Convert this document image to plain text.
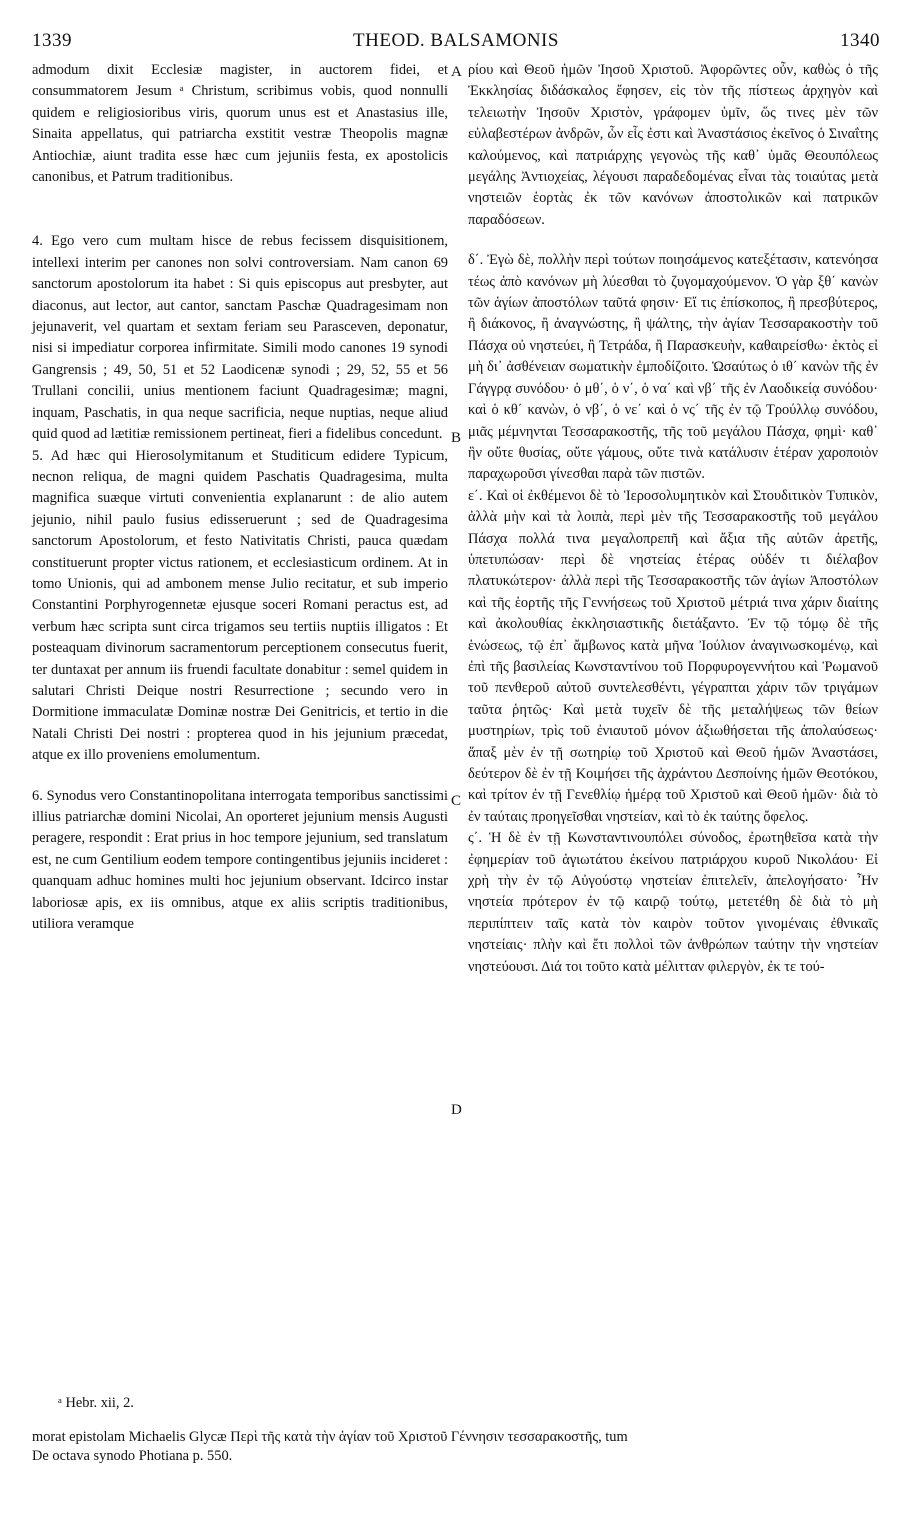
1339	THEOD. BALSAMONIS	1340

admodum dixit Ecclesiæ magister, in auctorem fidei, et consummatorem Jesum ᵃ Christum, scribimus vobis, quod nonnulli quidem e religiosioribus viris, quorum unus est et Anastasius ille, Sinaita appellatus, qui patriarcha exstitit vestræ Theopolis magnæ Antiochiæ, aiunt tradita esse hæc cum jejuniis festa, ex apostolicis canonibus, et Patrum traditionibus.

4. Ego vero cum multam hisce de rebus fecissem disquisitionem, intellexi interim per canones non solvi controversiam. Nam canon 69 sanctorum apostolorum ita habet : Si quis episcopus aut presbyter, aut diaconus, aut lector, aut cantor, sanctam Paschæ Quadragesimam non jejunaverit, vel quartam et sextam feriam seu Parasceven, deponatur, nisi si impediatur corporea infirmitate. Simili modo canones 19 synodi Gangrensis ; 49, 50, 51 et 52 Laodicenæ synodi ; 29, 52, 55 et 56 Trullani concilii, unius mentionem faciunt Quadragesimæ; magni, inquam, Paschatis, in qua neque sacrificia, neque nuptias, neque aliud quid quod ad lætitiæ remissionem pertineat, fieri a fidelibus concedunt.

5. Ad hæc qui Hierosolymitanum et Studiticum edidere Typicum, necnon reliqua, de magni quidem Paschatis Quadragesima, multa magnifica suæque virtuti convenientia explanarunt : de alio autem jejunio, nihil paulo fusius edisseruerunt ; sed de Quadragesima sanctorum Apostolorum, et festo Nativitatis Christi, pauca quædam constituerunt propter victus rationem, et ecclesiasticum ordinem. At in tomo Unionis, qui ad ambonem mense Julio recitatur, et sub imperio Constantini Porphyrogennetæ ejusque soceri Romani peractus est, ad verbum hæc scripta sunt circa trigamos seu tertiis nuptiis illigatos : Et posteaquam divinorum sacramentorum perceptionem consecutus fuerit, ter duntaxat per annum iis fruendi facultate donabitur : semel quidem in salutari Christi Deique nostri Resurrectione ; secundo vero in Dormitione immaculatæ Dominæ nostræ Dei Genitricis, et tertio in die Natali Christi Dei nostri : propterea quod in his jejunium præcedat, atque ex illo proveniens emolumentum.

6. Synodus vero Constantinopolitana interrogata temporibus sanctissimi illius patriarchæ domini Nicolai, An oporteret jejunium mensis Augusti peragere, respondit : Erat prius in hoc tempore jejunium, sed translatum est, ne cum Gentilium eodem tempore contingentibus jejuniis incideret : quanquam adhuc homines multi hoc jejunium observant. Idcirco instar laboriosæ apis, ex iis omnibus, atque ex aliis scriptis traditionibus, utiliora veramque

ρίου καὶ Θεοῦ ἡμῶν Ἰησοῦ Χριστοῦ. Ἀφορῶντες οὖν, καθὼς ὁ τῆς Ἐκκλησίας διδάσκαλος ἔφησεν, εἰς τὸν τῆς πίστεως ἀρχηγὸν καὶ τελειωτὴν Ἰησοῦν Χριστὸν, γράφομεν ὑμῖν, ὥς τινες μὲν τῶν εὐλαβεστέρων ἀνδρῶν, ὧν εἷς ἐστι καὶ Ἀναστάσιος ἐκεῖνος ὁ Σιναΐτης καλούμενος, καὶ πατριάρχης γεγονὼς τῆς καθ᾽ ὑμᾶς Θεουπόλεως μεγάλης Ἀντιοχείας, λέγουσι παραδεδομένας εἶναι τὰς τοιαύτας μετὰ νηστειῶν ἑορτὰς ἐκ τῶν κανόνων ἀποστολικῶν καὶ πατρικῶν παραδόσεων.

δ΄. Ἐγὼ δὲ, πολλὴν περὶ τούτων ποιησάμενος κατεξέτασιν, κατενόησα τέως ἀπὸ κανόνων μὴ λύεσθαι τὸ ζυγομαχούμενον. Ὁ γὰρ ξθ΄ κανὼν τῶν ἁγίων ἀποστόλων ταῦτά φησιν· Εἴ τις ἐπίσκοπος, ἢ πρεσβύτερος, ἢ διάκονος, ἢ ἀναγνώστης, ἢ ψάλτης, τὴν ἁγίαν Τεσσαρακοστὴν τοῦ Πάσχα οὐ νηστεύει, ἢ Τετράδα, ἢ Παρασκευὴν, καθαιρείσθω· ἐκτὸς εἰ μὴ δι᾽ ἀσθένειαν σωματικὴν ἐμποδίζοιτο. Ὡσαύτως ὁ ιθ΄ κανὼν τῆς ἐν Γάγγρᾳ συνόδου· ὁ μθ΄, ὁ ν΄, ὁ να΄ καὶ νβ΄ τῆς ἐν Λαοδικείᾳ συνόδου· καὶ ὁ κθ΄ κανὼν, ὁ νβ΄, ὁ νε΄ καὶ ὁ νς΄ τῆς ἐν τῷ Τρούλλῳ συνόδου, μιᾶς μέμνηνται Τεσσαρακοστῆς, τῆς τοῦ μεγάλου Πάσχα, φημὶ· καθ᾽ ἣν οὔτε θυσίας, οὔτε γάμους, οὔτε τινὰ κατάλυσιν ἑτέραν χαροποιὸν παραχωροῦσι γίνεσθαι παρὰ τῶν πιστῶν.

ε΄. Καὶ οἱ ἐκθέμενοι δὲ τὸ Ἱεροσολυμητικὸν καὶ Στουδιτικὸν Τυπικὸν, ἀλλὰ μὴν καὶ τὰ λοιπὰ, περὶ μὲν τῆς Τεσσαρακοστῆς τοῦ μεγάλου Πάσχα πολλά τινα μεγαλοπρεπῆ καὶ ἄξια τῆς αὐτῶν ἀρετῆς, ὑπετυπώσαν· περὶ δὲ νηστείας ἑτέρας οὐδέν τι διέλαβον πλατυκώτερον· ἀλλὰ περὶ τῆς Τεσσαρακοστῆς τῶν ἁγίων Ἀποστόλων καὶ τῆς ἑορτῆς τῆς Γεννήσεως τοῦ Χριστοῦ μέτριά τινα χάριν διαίτης καὶ ἀκολουθίας ἐκκλησιαστικῆς διετάξαντο. Ἐν τῷ τόμῳ δὲ τῆς ἑνώσεως, τῷ ἐπ᾽ ἄμβωνος κατὰ μῆνα Ἰούλιον ἀναγινωσκομένῳ, καὶ ἐπὶ τῆς βασιλείας Κωνσταντίνου τοῦ Πορφυρογεννήτου καὶ Ῥωμανοῦ τοῦ πενθεροῦ αὐτοῦ συντελεσθέντι, γέγραπται χάριν τῶν τριγάμων ταῦτα ῥητῶς· Καὶ μετὰ τυχεῖν δὲ τῆς μεταλήψεως τῶν θείων μυστηρίων, τρὶς τοῦ ἐνιαυτοῦ μόνον ἀξιωθήσεται τῆς ἀπολαύσεως· ἅπαξ μὲν ἐν τῇ σωτηρίῳ τοῦ Χριστοῦ καὶ Θεοῦ ἡμῶν Ἀναστάσει, δεύτερον δὲ ἐν τῇ Κοιμήσει τῆς ἀχράντου Δεσποίνης ἡμῶν Θεοτόκου, καὶ τρίτον ἐν τῇ Γενεθλίῳ ἡμέρᾳ τοῦ Χριστοῦ καὶ Θεοῦ ἡμῶν· διὰ τὸ ἐν ταύταις προηγεῖσθαι νηστείαν, καὶ τὸ ἐκ ταύτης ὄφελος.

ς΄. Ἡ δὲ ἐν τῇ Κωνσταντινουπόλει σύνοδος, ἐρωτηθεῖσα κατὰ τὴν ἐφημερίαν τοῦ ἁγιωτάτου ἐκείνου πατριάρχου κυροῦ Νικολάου· Εἰ χρὴ τὴν ἐν τῷ Αὐγούστῳ νηστείαν ἐπιτελεῖν, ἀπελογήσατο· Ἦν νηστεία πρότερον ἐν τῷ καιρῷ τούτῳ, μετετέθη δὲ διὰ τὸ μὴ περιπίπτειν ταῖς κατὰ τὸν καιρὸν τοῦτον γινομέναις ἐθνικαῖς νηστείαις· πλὴν καὶ ἔτι πολλοὶ τῶν ἀνθρώπων ταύτην τὴν νηστείαν νηστεύουσι. Διά τοι τοῦτο κατὰ μέλιτταν φιλεργὸν, ἐκ τε τού-

A
B
C
D
ᵃ Hebr. xii, 2.
morat epistolam Michaelis Glycæ Περὶ τῆς κατὰ τὴν ἁγίαν τοῦ Χριστοῦ Γέννησιν τεσσαρακοστῆς, tum
De octava synodo Photiana p. 550.
